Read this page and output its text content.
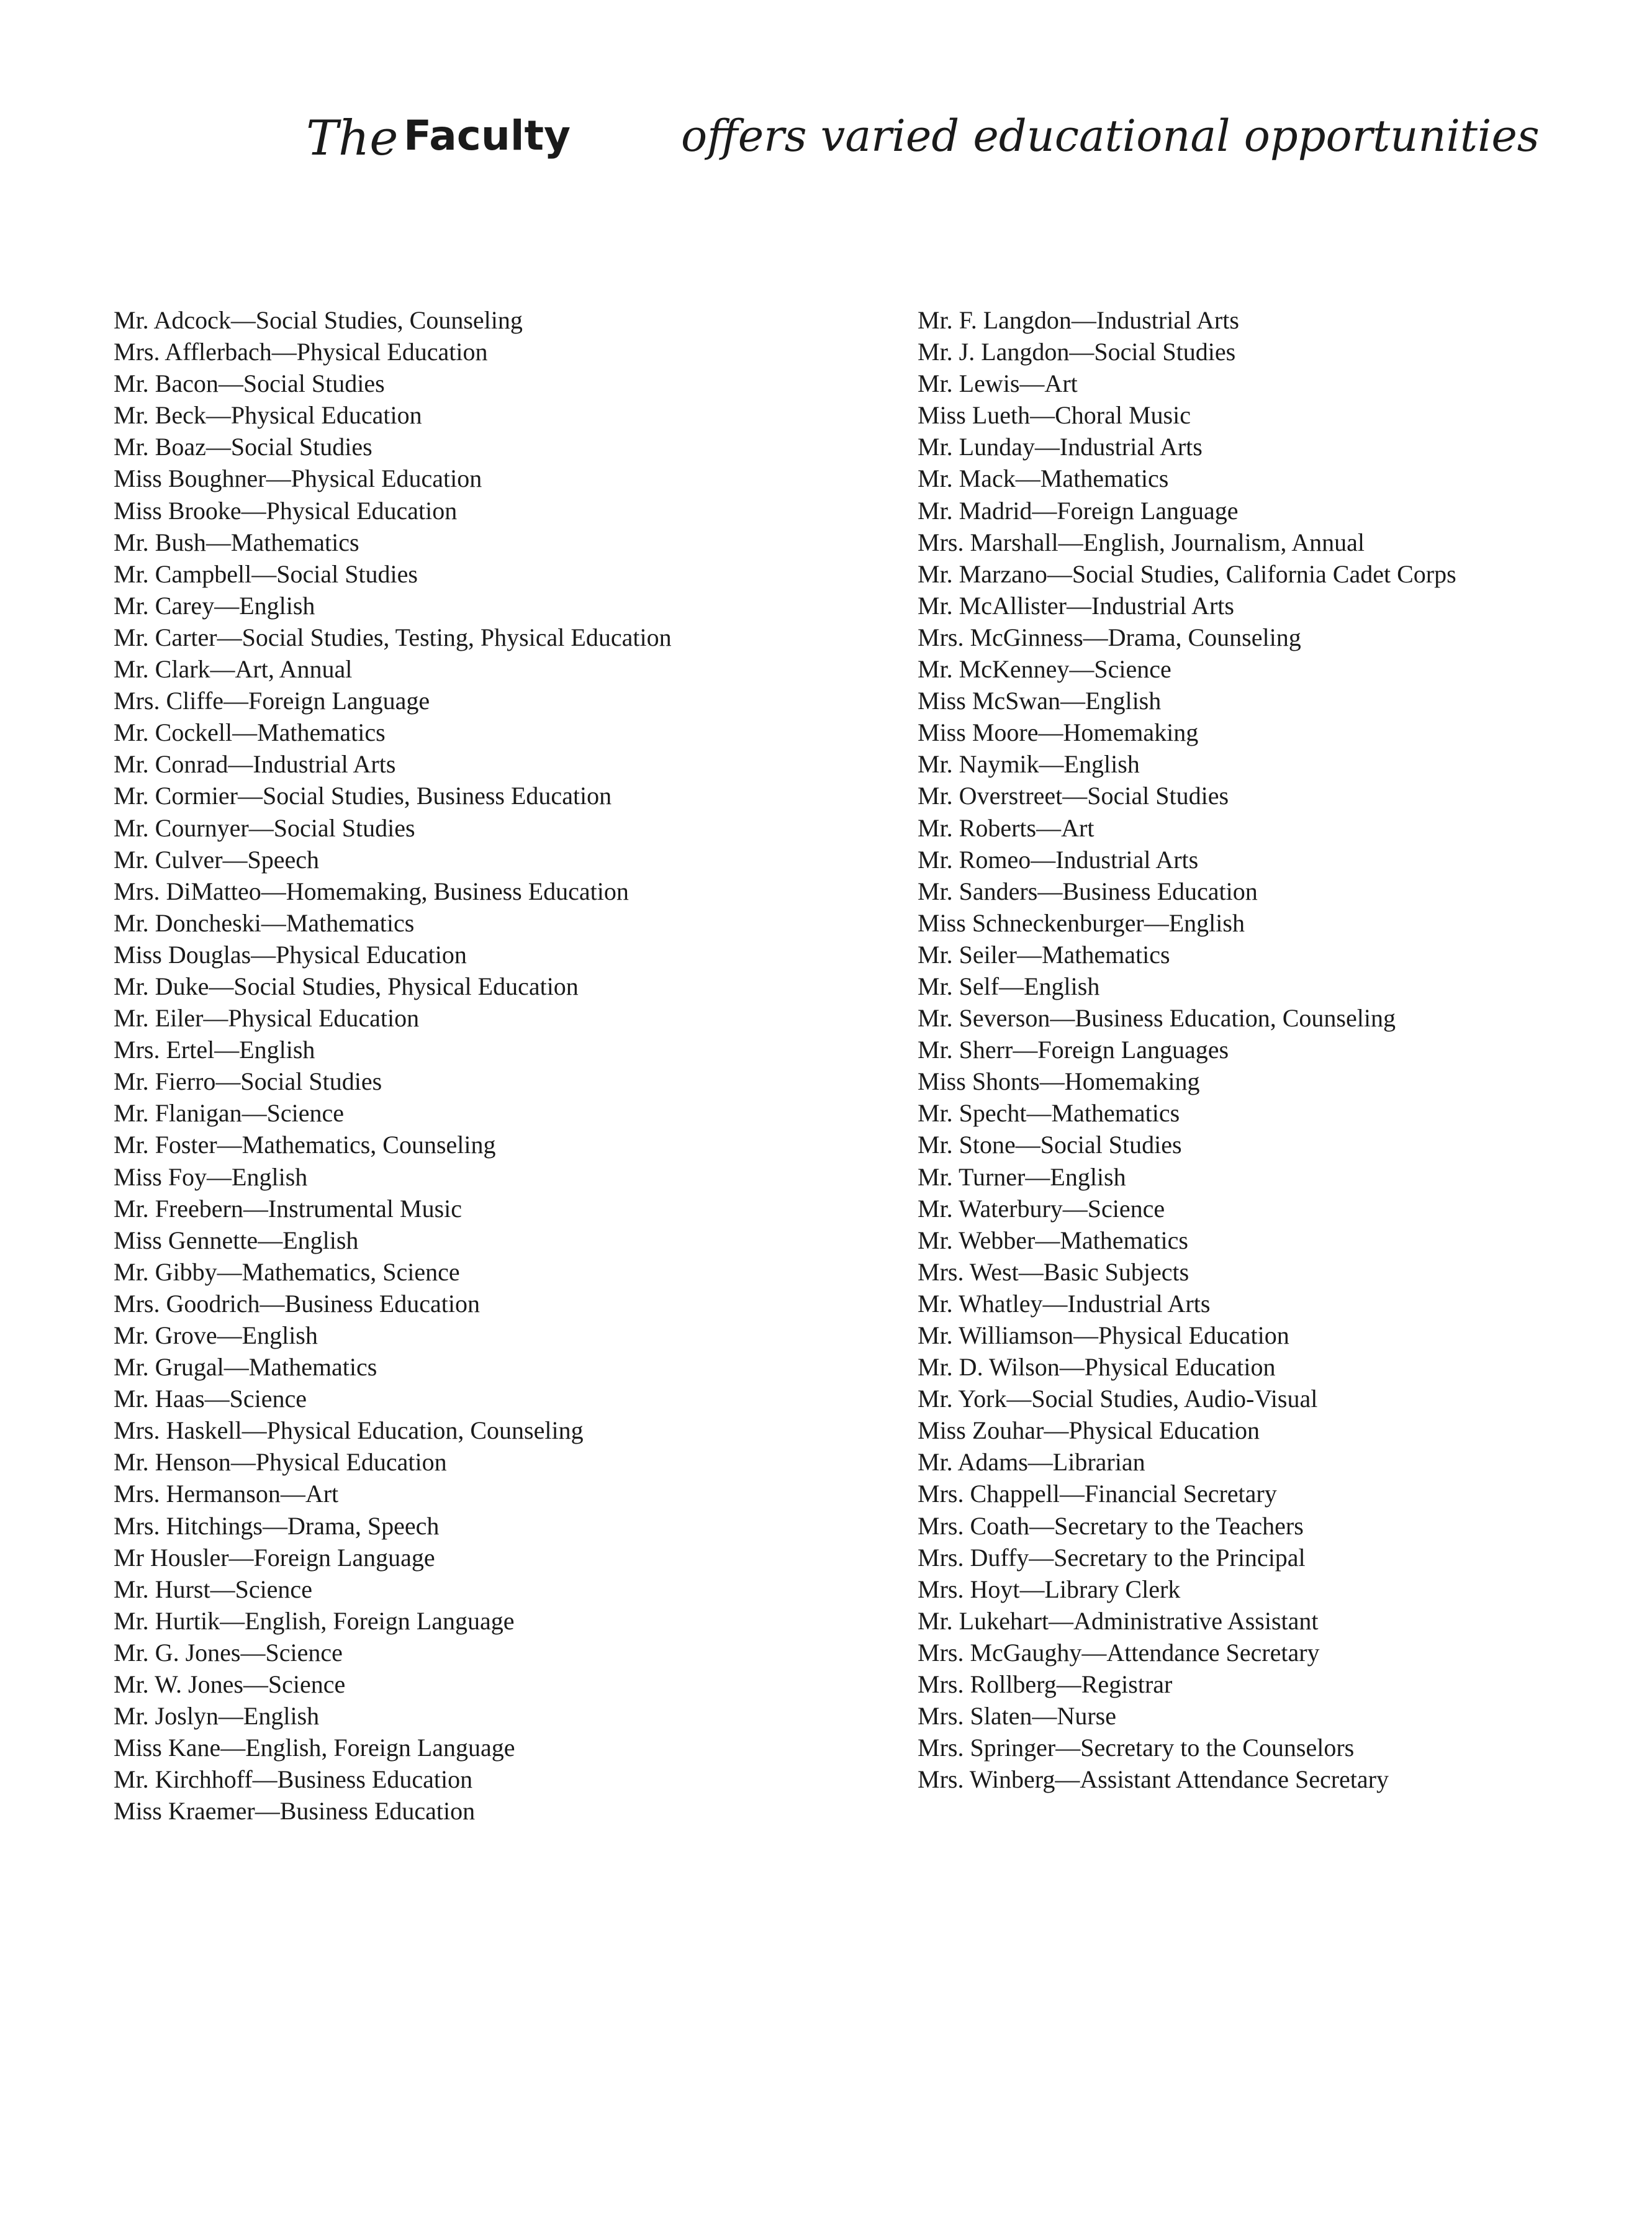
The Faculty	offers varied educational opportunities
Mr. Adcock—Social Studies, Counseling
Mrs. Afflerbach—Physical Education
Mr. Bacon—Social Studies
Mr. Beck—Physical Education
Mr. Boaz—Social Studies
Miss Boughner—Physical Education
Miss Brooke—Physical Education
Mr. Bush—Mathematics
Mr. Campbell—Social Studies
Mr. Carey—English
Mr. Carter—Social Studies, Testing, Physical Education
Mr. Clark—Art, Annual
Mrs. Cliffe—Foreign Language
Mr. Cockell—Mathematics
Mr. Conrad—Industrial Arts
Mr. Cormier—Social Studies, Business Education
Mr. Cournyer—Social Studies
Mr. Culver—Speech
Mrs. DiMatteo—Homemaking, Business Education
Mr. Doncheski—Mathematics
Miss Douglas—Physical Education
Mr. Duke—Social Studies, Physical Education
Mr. Eiler—Physical Education
Mrs. Ertel—English
Mr. Fierro—Social Studies
Mr. Flanigan—Science
Mr. Foster—Mathematics, Counseling
Miss Foy—English
Mr. Freebern—Instrumental Music
Miss Gennette—English
Mr. Gibby—Mathematics, Science
Mrs. Goodrich—Business Education
Mr. Grove—English
Mr. Grugal—Mathematics
Mr. Haas—Science
Mrs. Haskell—Physical Education, Counseling
Mr. Henson—Physical Education
Mrs. Hermanson—Art
Mrs. Hitchings—Drama, Speech
Mr Housler—Foreign Language
Mr. Hurst—Science
Mr. Hurtik—English, Foreign Language
Mr. G. Jones—Science
Mr. W. Jones—Science
Mr. Joslyn—English
Miss Kane—English, Foreign Language
Mr. Kirchhoff—Business Education
Miss Kraemer—Business Education
Mr. F. Langdon—Industrial Arts
Mr. J. Langdon—Social Studies
Mr. Lewis—Art
Miss Lueth—Choral Music
Mr. Lunday—Industrial Arts
Mr. Mack—Mathematics
Mr. Madrid—Foreign Language
Mrs. Marshall—English, Journalism, Annual
Mr. Marzano—Social Studies, California Cadet Corps
Mr. McAllister—Industrial Arts
Mrs. McGinness—Drama, Counseling
Mr. McKenney—Science
Miss McSwan—English
Miss Moore—Homemaking
Mr. Naymik—English
Mr. Overstreet—Social Studies
Mr. Roberts—Art
Mr. Romeo—Industrial Arts
Mr. Sanders—Business Education
Miss Schneckenburger—English
Mr. Seiler—Mathematics
Mr. Self—English
Mr. Severson—Business Education, Counseling
Mr. Sherr—Foreign Languages
Miss Shonts—Homemaking
Mr. Specht—Mathematics
Mr. Stone—Social Studies
Mr. Turner—English
Mr. Waterbury—Science
Mr. Webber—Mathematics
Mrs. West—Basic Subjects
Mr. Whatley—Industrial Arts
Mr. Williamson—Physical Education
Mr. D. Wilson—Physical Education
Mr. York—Social Studies, Audio-Visual
Miss Zouhar—Physical Education
Mr. Adams—Librarian
Mrs. Chappell—Financial Secretary
Mrs. Coath—Secretary to the Teachers
Mrs. Duffy—Secretary to the Principal
Mrs. Hoyt—Library Clerk
Mr. Lukehart—Administrative Assistant
Mrs. McGaughy—Attendance Secretary
Mrs. Rollberg—Registrar
Mrs. Slaten—Nurse
Mrs. Springer—Secretary to the Counselors
Mrs. Winberg—Assistant Attendance Secretary
